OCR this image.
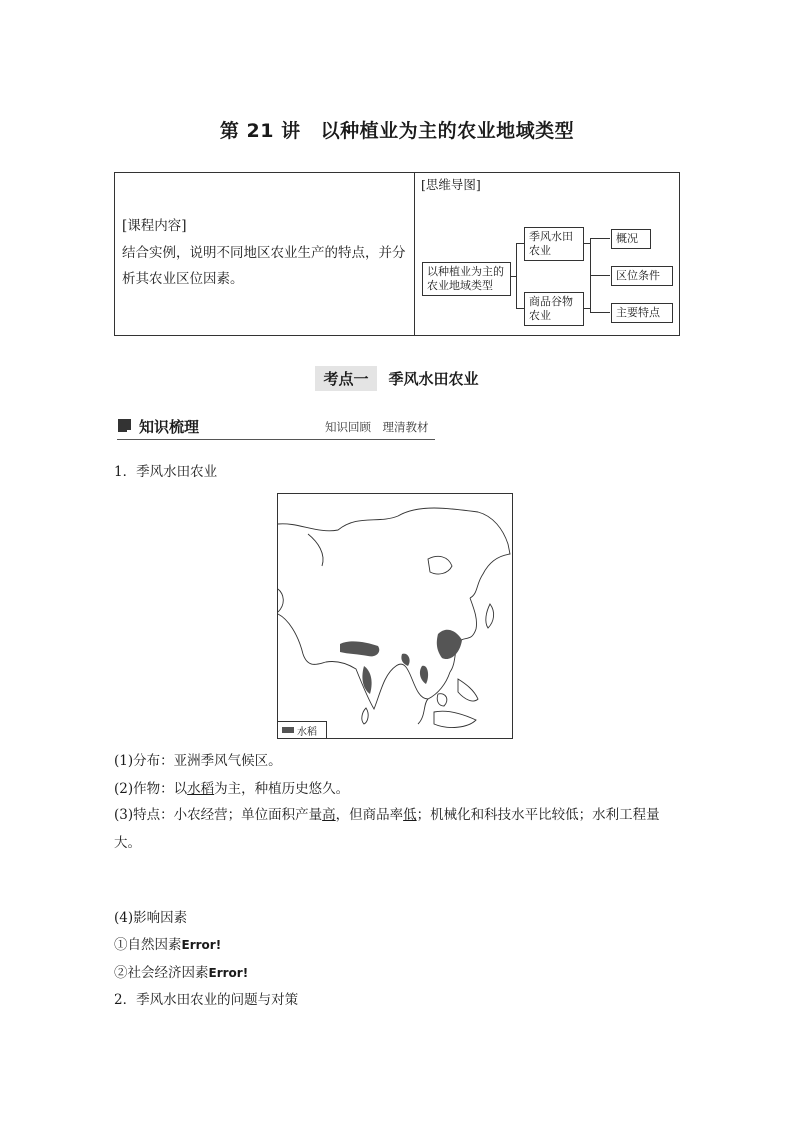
第 21 讲 以种植业为主的农业地域类型

[课程内容]
结合实例，说明不同地区农业生产的特点，并分析其农业区位因素。
[思维导图]
以种植业为主的农业地域类型
季风水田农业
商品谷物农业
概况
区位条件
主要特点
考点一 季风水田农业
知识梳理	知识回顾　理清教材
1．季风水田农业
水稻
(1)分布：亚洲季风气候区。
(2)作物：以水稻为主，种植历史悠久。
(3)特点：小农经营；单位面积产量高，但商品率低；机械化和科技水平比较低；水利工程量大。
(4)影响因素
①自然因素Error!
②社会经济因素Error!
2．季风水田农业的问题与对策
